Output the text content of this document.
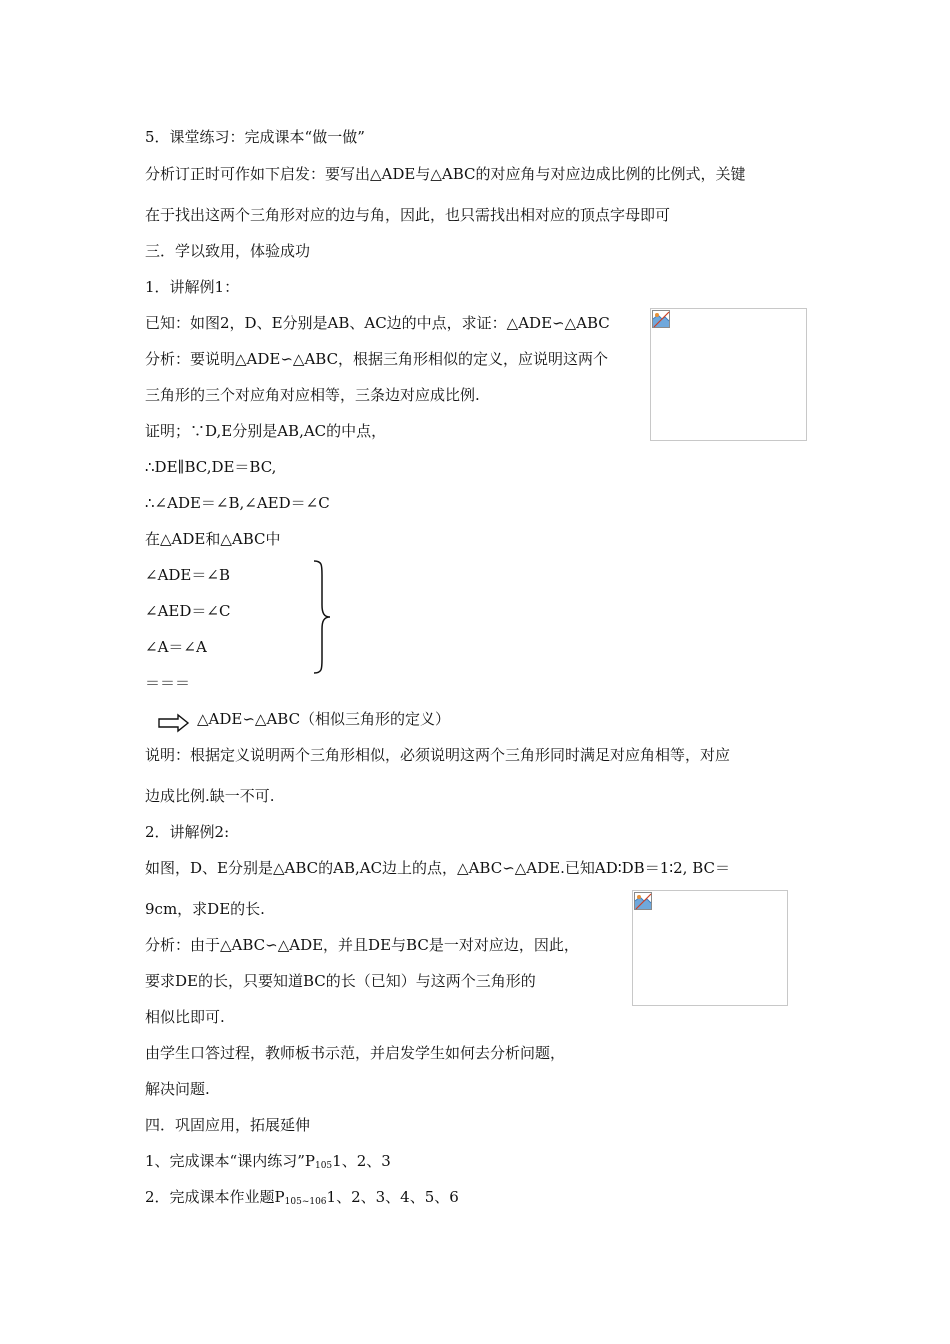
5．课堂练习：完成课本“做一做”
分析订正时可作如下启发：要写出△ADE与△ABC的对应角与对应边成比例的比例式，关键
在于找出这两个三角形对应的边与角，因此，也只需找出相对应的顶点字母即可
三．学以致用，体验成功
1．讲解例1：
已知：如图2，D、E分别是AB、AC边的中点，求证：△ADE∽△ABC
分析：要说明△ADE∽△ABC，根据三角形相似的定义，应说明这两个
三角形的三个对应角对应相等，三条边对应成比例.
证明；∵D,E分别是AB,AC的中点，
∴DE∥BC,DE＝BC,
∴∠ADE＝∠B,∠AED＝∠C
在△ADE和△ABC中
∠ADE＝∠B
∠AED＝∠C
∠A＝∠A
＝＝＝
△ADE∽△ABC（相似三角形的定义）
说明：根据定义说明两个三角形相似，必须说明这两个三角形同时满足对应角相等，对应
边成比例.缺一不可.
2．讲解例2:
如图，D、E分别是△ABC的AB,AC边上的点，△ABC∽△ADE.已知AD∶DB＝1∶2, BC＝
9cm，求DE的长.
分析：由于△ABC∽△ADE，并且DE与BC是一对对应边，因此，
要求DE的长，只要知道BC的长（已知）与这两个三角形的
相似比即可.
由学生口答过程，教师板书示范，并启发学生如何去分析问题，
解决问题.
四．巩固应用，拓展延伸
1、完成课本“课内练习$”P_{105}1$、2、3
2．完成课本作业题$P_{105\sim 106}1$、2、3、4、5、6
